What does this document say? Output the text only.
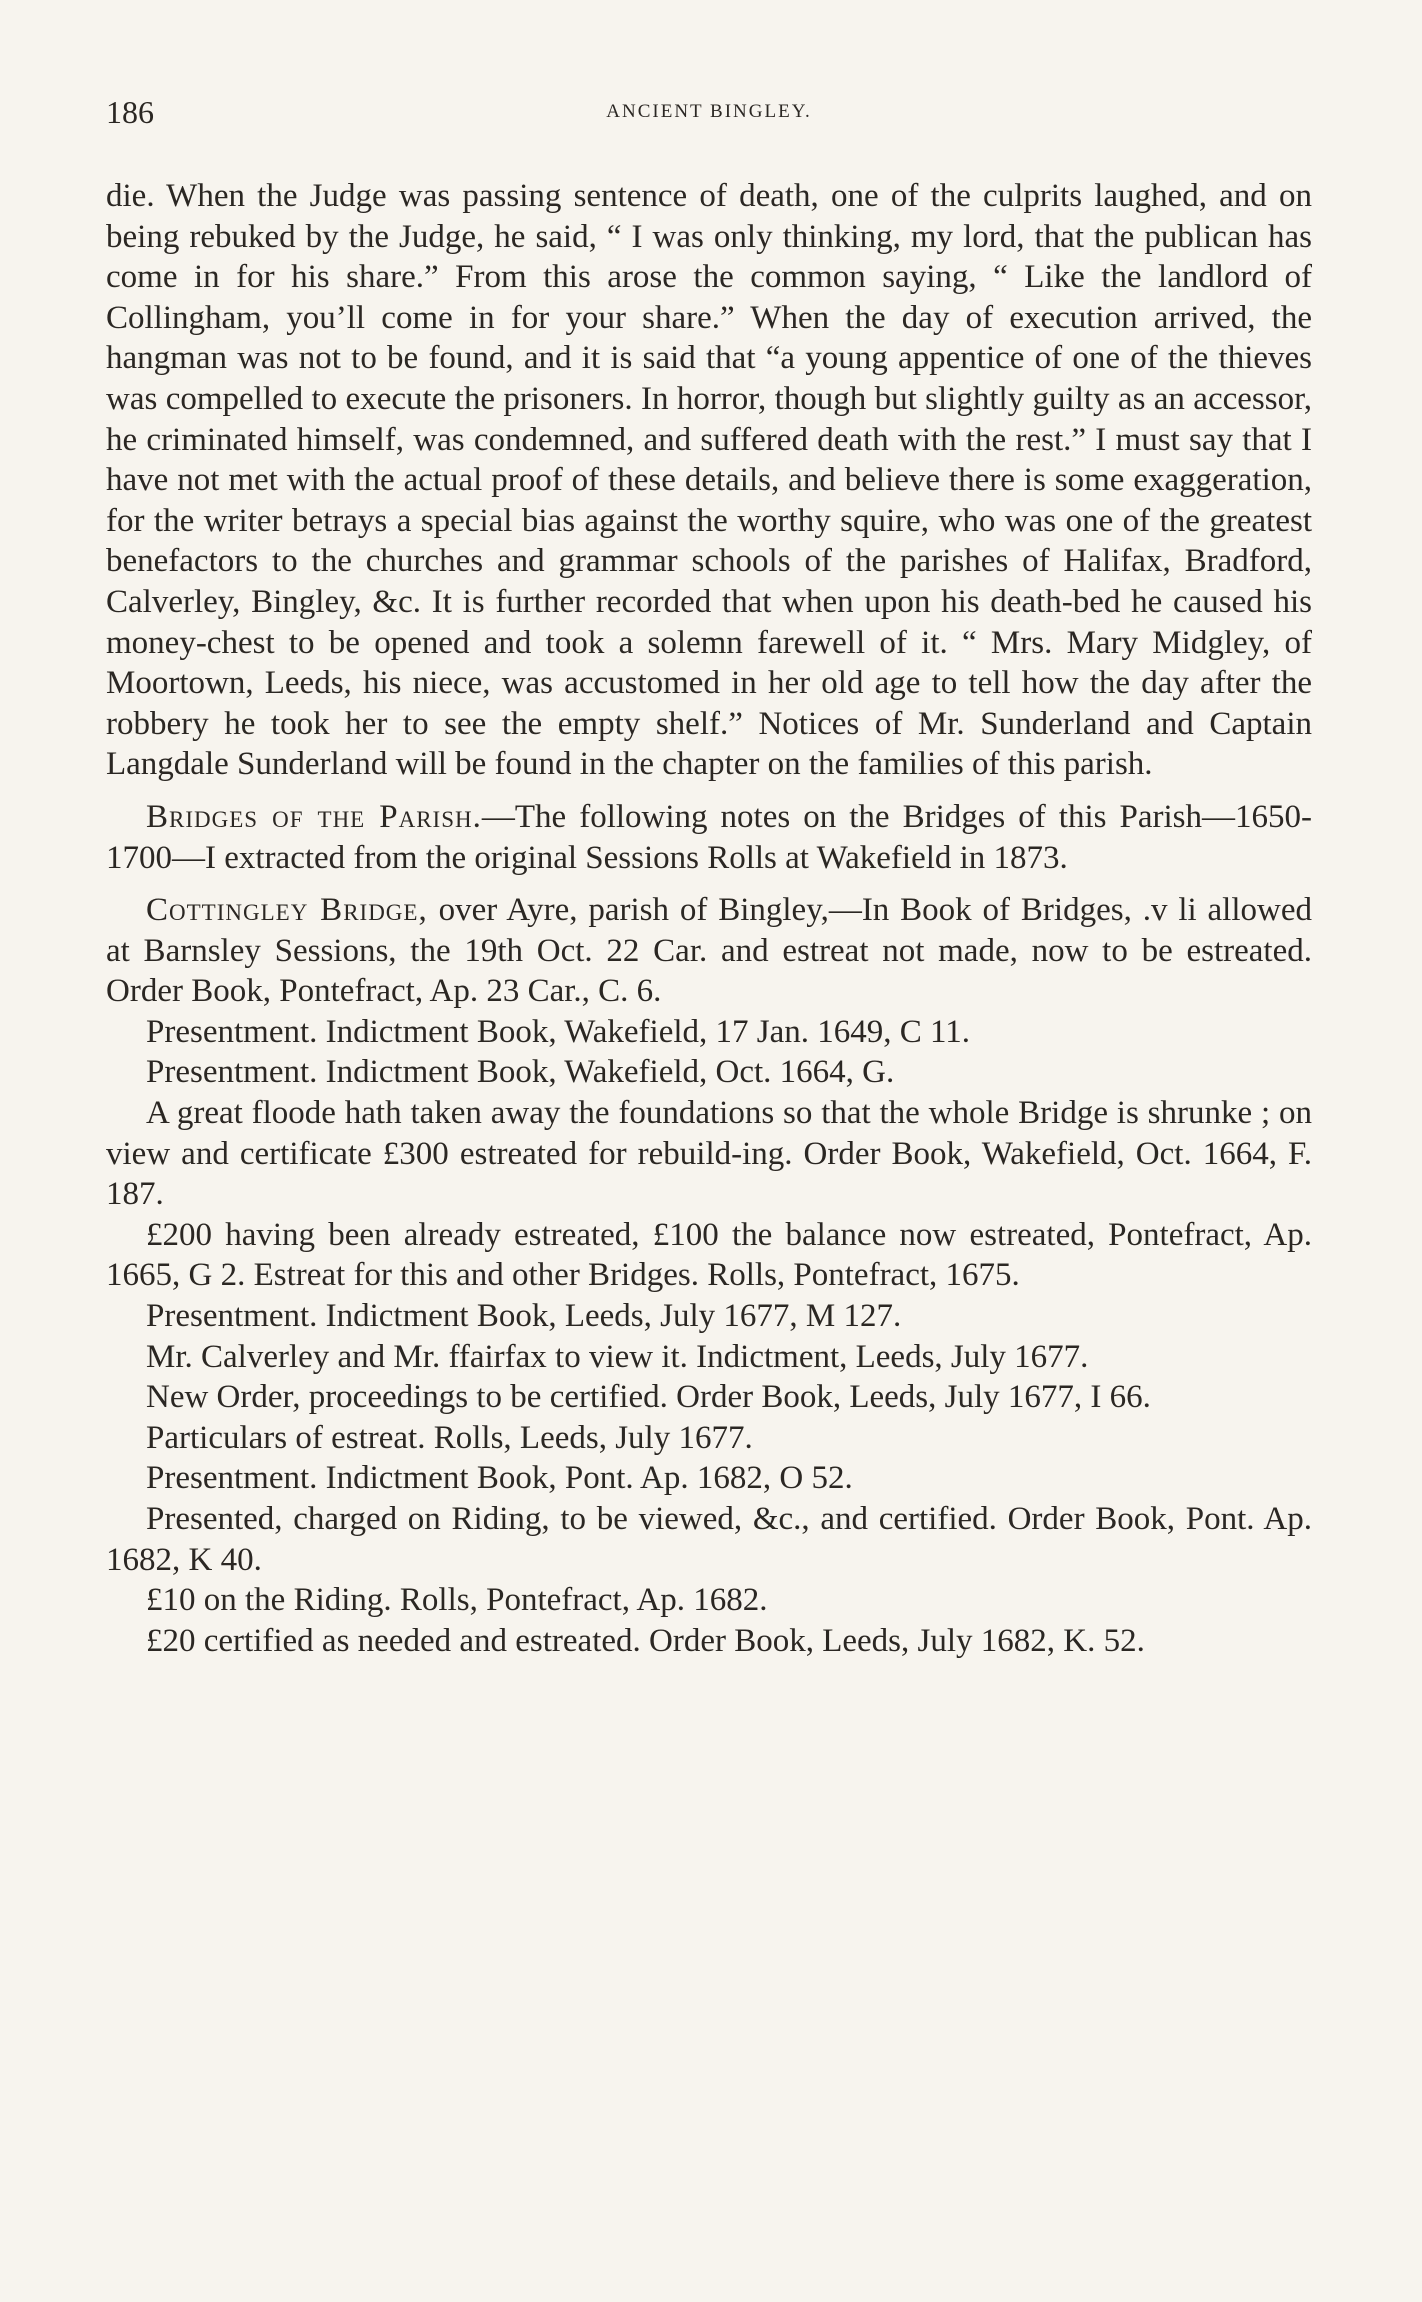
186	ANCIENT BINGLEY.

die. When the Judge was passing sentence of death, one of the culprits laughed, and on being rebuked by the Judge, he said, “ I was only thinking, my lord, that the publican has come in for his share.” From this arose the common saying, “ Like the landlord of Collingham, you’ll come in for your share.” When the day of execution arrived, the hangman was not to be found, and it is said that “a young appentice of one of the thieves was compelled to execute the prisoners. In horror, though but slightly guilty as an accessor, he criminated himself, was condemned, and suffered death with the rest.” I must say that I have not met with the actual proof of these details, and believe there is some exaggeration, for the writer betrays a special bias against the worthy squire, who was one of the greatest benefactors to the churches and grammar schools of the parishes of Halifax, Bradford, Calverley, Bingley, &c. It is further recorded that when upon his death-bed he caused his money-chest to be opened and took a solemn farewell of it. “ Mrs. Mary Midgley, of Moortown, Leeds, his niece, was accustomed in her old age to tell how the day after the robbery he took her to see the empty shelf.” Notices of Mr. Sunderland and Captain Langdale Sunderland will be found in the chapter on the families of this parish.

Bridges of the Parish.—The following notes on the Bridges of this Parish—1650-1700—I extracted from the original Sessions Rolls at Wakefield in 1873.

Cottingley Bridge, over Ayre, parish of Bingley,—In Book of Bridges, .v li allowed at Barnsley Sessions, the 19th Oct. 22 Car. and estreat not made, now to be estreated. Order Book, Pontefract, Ap. 23 Car., C. 6.

Presentment. Indictment Book, Wakefield, 17 Jan. 1649, C 11.

Presentment. Indictment Book, Wakefield, Oct. 1664, G.

A great floode hath taken away the foundations so that the whole Bridge is shrunke ; on view and certificate £300 estreated for rebuild-ing. Order Book, Wakefield, Oct. 1664, F. 187.

£200 having been already estreated, £100 the balance now estreated, Pontefract, Ap. 1665, G 2. Estreat for this and other Bridges. Rolls, Pontefract, 1675.

Presentment. Indictment Book, Leeds, July 1677, M 127.

Mr. Calverley and Mr. ffairfax to view it. Indictment, Leeds, July 1677.

New Order, proceedings to be certified. Order Book, Leeds, July 1677, I 66.

Particulars of estreat. Rolls, Leeds, July 1677.

Presentment. Indictment Book, Pont. Ap. 1682, O 52.

Presented, charged on Riding, to be viewed, &c., and certified. Order Book, Pont. Ap. 1682, K 40.

£10 on the Riding. Rolls, Pontefract, Ap. 1682.

£20 certified as needed and estreated. Order Book, Leeds, July 1682, K. 52.
